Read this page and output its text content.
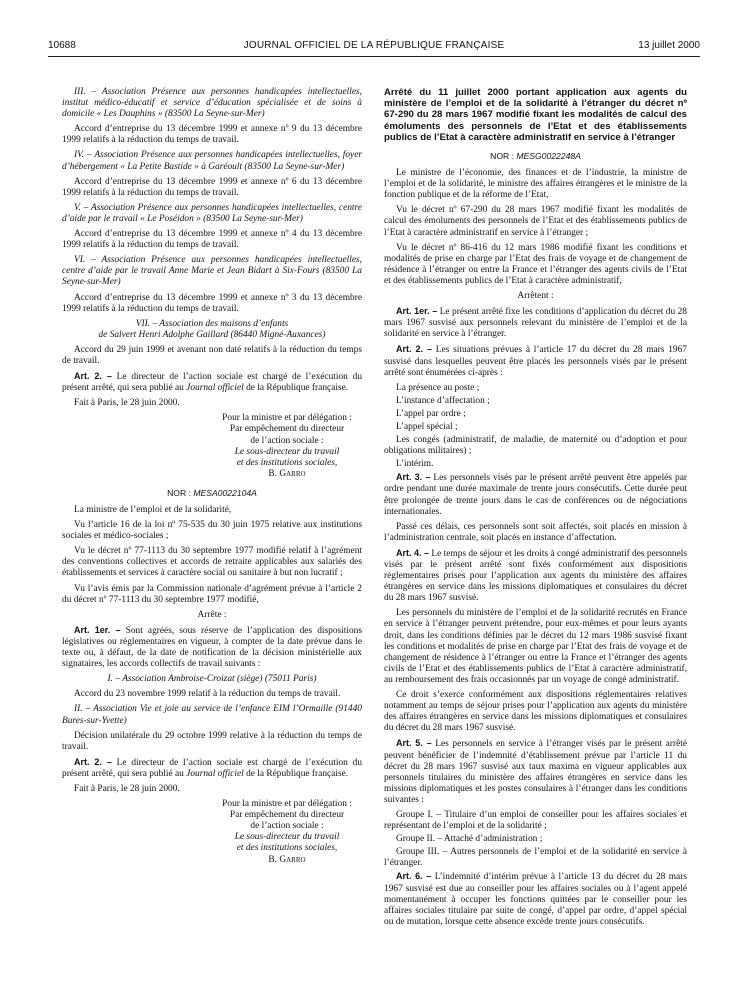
10688	JOURNAL OFFICIEL DE LA RÉPUBLIQUE FRANÇAISE	13 juillet 2000

III. – Association Présence aux personnes handicapées intellectuelles, institut médico-éducatif et service d’éducation spécialisée et de soins à domicile « Les Dauphins » (83500 La Seyne-sur-Mer)

Accord d’entreprise du 13 décembre 1999 et annexe nº 9 du 13 décembre 1999 relatifs à la réduction du temps de travail.

IV. – Association Présence aux personnes handicapées intellectuelles, foyer d’hébergement « La Petite Bastide » à Garéoult (83500 La Seyne-sur-Mer)

Accord d’entreprise du 13 décembre 1999 et annexe nº 6 du 13 décembre 1999 relatifs à la réduction du temps de travail.

V. – Association Présence aux personnes handicapées intellectuelles, centre d’aide par le travail « Le Poséidon » (83500 La Seyne-sur-Mer)

Accord d’entreprise du 13 décembre 1999 et annexe nº 4 du 13 décembre 1999 relatifs à la réduction du temps de travail.

VI. – Association Présence aux personnes handicapées intellectuelles, centre d’aide par le travail Anne Marie et Jean Bidart à Six-Fours (83500 La Seyne-sur-Mer)

Accord d’entreprise du 13 décembre 1999 et annexe nº 3 du 13 décembre 1999 relatifs à la réduction du temps de travail.

VII. – Association des maisons d’enfants
de Salvert Henri Adolphe Gaillard (86440 Migné-Auxances)

Accord du 29 juin 1999 et avenant non daté relatifs à la réduction du temps de travail.

Art. 2. – Le directeur de l’action sociale est chargé de l’exécution du présent arrêté, qui sera publié au Journal officiel de la République française.

Fait à Paris, le 28 juin 2000.

Pour la ministre et par délégation :
Par empêchement du directeur
de l’action sociale :
Le sous-directeur du travail
et des institutions sociales,
B. Garro
NOR : MESA0022104A

La ministre de l’emploi et de la solidarité,

Vu l’article 16 de la loi nº 75-535 du 30 juin 1975 relative aux institutions sociales et médico-sociales ;

Vu le décret nº 77-1113 du 30 septembre 1977 modifié relatif à l’agrément des conventions collectives et accords de retraite applicables aux salariés des établissements et services à caractère social ou sanitaire à but non lucratif ;

Vu l’avis émis par la Commission nationale d’agrément prévue à l’article 2 du décret nº 77-1113 du 30 septembre 1977 modifié,

Arrête :

Art. 1er. – Sont agréés, sous réserve de l’application des dispositions législatives ou réglementaires en vigueur, à compter de la date prévue dans le texte ou, à défaut, de la date de notification de la décision ministérielle aux signataires, les accords collectifs de travail suivants :

I. – Association Ambroise-Croizat (siège) (75011 Paris)

Accord du 23 novembre 1999 relatif à la réduction du temps de travail.

II. – Association Vie et joie au service de l’enfance EIM l’Ormaille (91440 Bures-sur-Yvette)

Décision unilatérale du 29 octobre 1999 relative à la réduction du temps de travail.

Art. 2. – Le directeur de l’action sociale est chargé de l’exécution du présent arrêté, qui sera publié au Journal officiel de la République française.

Fait à Paris, le 28 juin 2000.

Pour la ministre et par délégation :
Par empêchement du directeur
de l’action sociale :
Le sous-directeur du travail
et des institutions sociales,
B. Garro
Arrêté du 11 juillet 2000 portant application aux agents du ministère de l’emploi et de la solidarité à l’étranger du décret nº 67-290 du 28 mars 1967 modifié fixant les modalités de calcul des émoluments des personnels de l’Etat et des établissements publics de l’Etat à caractère administratif en service à l’étranger
NOR : MESG0022248A

Le ministre de l’économie, des finances et de l’industrie, la ministre de l’emploi et de la solidarité, le ministre des affaires étrangères et le ministre de la fonction publique et de la réforme de l’Etat,

Vu le décret nº 67-290 du 28 mars 1967 modifié fixant les modalités de calcul des émoluments des personnels de l’Etat et des établissements publics de l’Etat à caractère administratif en service à l’étranger ;

Vu le décret nº 86-416 du 12 mars 1986 modifié fixant les conditions et modalités de prise en charge par l’Etat des frais de voyage et de changement de résidence à l’étranger ou entre la France et l’étranger des agents civils de l’Etat et des établissements publics de l’Etat à caractère administratif,

Arrêtent :

Art. 1er. – Le présent arrêté fixe les conditions d’application du décret du 28 mars 1967 susvisé aux personnels relevant du ministère de l’emploi et de la solidarité en service à l’étranger.

Art. 2. – Les situations prévues à l’article 17 du décret du 28 mars 1967 susvisé dans lesquelles peuvent être placés les personnels visés par le présent arrêté sont énumérées ci-après :

La présence au poste ;

L’instance d’affectation ;

L’appel par ordre ;

L’appel spécial ;

Les congés (administratif, de maladie, de maternité ou d’adoption et pour obligations militaires) ;

L’intérim.

Art. 3. – Les personnels visés par le présent arrêté peuvent être appelés par ordre pendant une durée maximale de trente jours consécutifs. Cette durée peut être prolongée de trente jours dans le cas de conférences ou de négociations internationales.

Passé ces délais, ces personnels sont soit affectés, soit placés en mission à l’administration centrale, soit placés en instance d’affectation.

Art. 4. – Le temps de séjour et les droits à congé administratif des personnels visés par le présent arrêté sont fixés conformément aux dispositions réglementaires prises pour l’application aux agents du ministère des affaires étrangères en service dans les missions diplomatiques et consulaires du décret du 28 mars 1967 susvisé.

Les personnels du ministère de l’emploi et de la solidarité recrutés en France en service à l’étranger peuvent prétendre, pour eux-mêmes et pour leurs ayants droit, dans les conditions définies par le décret du 12 mars 1986 susvisé fixant les conditions et modalités de prise en charge par l’Etat des frais de voyage et de changement de résidence à l’étranger ou entre la France et l’étranger des agents civils de l’Etat et des établissements publics de l’Etat à caractère administratif, au remboursement des frais occasionnés par un voyage de congé administratif.

Ce droit s’exerce conformément aux dispositions réglementaires relatives notamment au temps de séjour prises pour l’application aux agents du ministère des affaires étrangères en service dans les missions diplomatiques et consulaires du décret du 28 mars 1967 susvisé.

Art. 5. – Les personnels en service à l’étranger visés par le présent arrêté peuvent bénéficier de l’indemnité d’établissement prévue par l’article 11 du décret du 28 mars 1967 susvisé aux taux maxima en vigueur applicables aux personnels titulaires du ministère des affaires étrangères en service dans les missions diplomatiques et les postes consulaires à l’étranger dans les conditions suivantes :

Groupe I. – Titulaire d’un emploi de conseiller pour les affaires sociales et représentant de l’emploi et de la solidarité ;

Groupe II. – Attaché d’administration ;

Groupe III. – Autres personnels de l’emploi et de la solidarité en service à l’étranger.

Art. 6. – L’indemnité d’intérim prévue à l’article 13 du décret du 28 mars 1967 susvisé est due au conseiller pour les affaires sociales ou à l’agent appelé momentanément à occuper les fonctions quittées par le conseiller pour les affaires sociales titulaire par suite de congé, d’appel par ordre, d’appel spécial ou de mutation, lorsque cette absence excède trente jours consécutifs.
